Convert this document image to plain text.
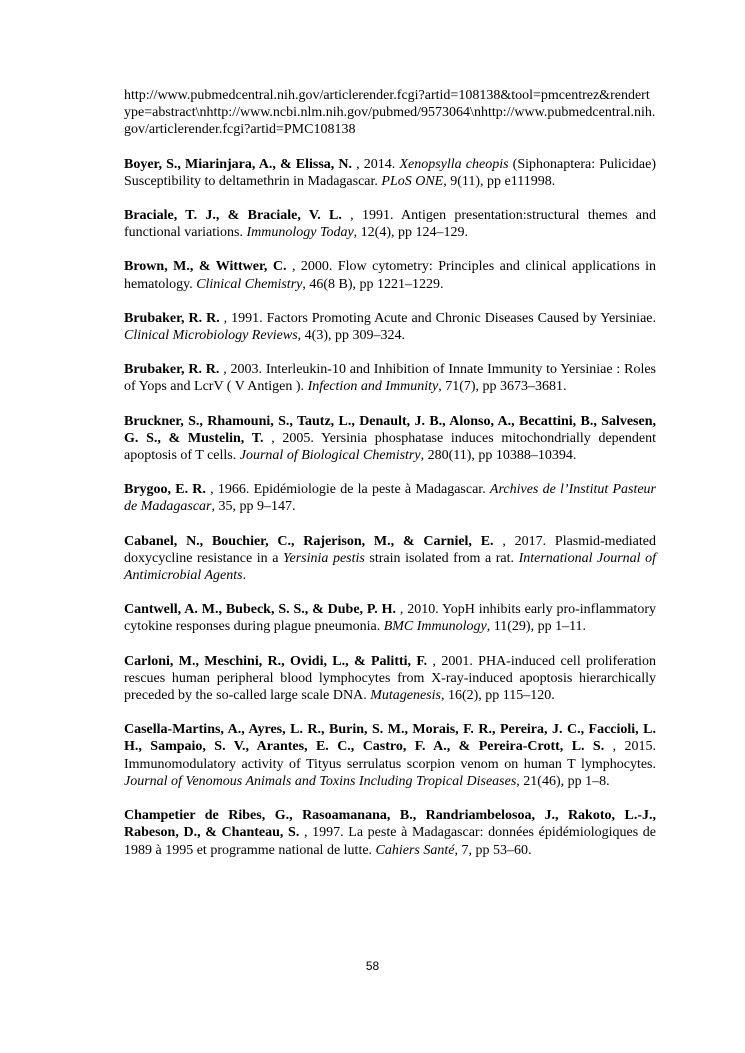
http://www.pubmedcentral.nih.gov/articlerender.fcgi?artid=108138&tool=pmcentrez&rendertype=abstract\nhttp://www.ncbi.nlm.nih.gov/pubmed/9573064\nhttp://www.pubmedcentral.nih.gov/articlerender.fcgi?artid=PMC108138
Boyer, S., Miarinjara, A., & Elissa, N. , 2014. Xenopsylla cheopis (Siphonaptera: Pulicidae) Susceptibility to deltamethrin in Madagascar. PLoS ONE, 9(11), pp e111998.
Braciale, T. J., & Braciale, V. L. , 1991. Antigen presentation:structural themes and functional variations. Immunology Today, 12(4), pp 124–129.
Brown, M., & Wittwer, C. , 2000. Flow cytometry: Principles and clinical applications in hematology. Clinical Chemistry, 46(8 B), pp 1221–1229.
Brubaker, R. R. , 1991. Factors Promoting Acute and Chronic Diseases Caused by Yersiniae. Clinical Microbiology Reviews, 4(3), pp 309–324.
Brubaker, R. R. , 2003. Interleukin-10 and Inhibition of Innate Immunity to Yersiniae : Roles of Yops and LcrV ( V Antigen ). Infection and Immunity, 71(7), pp 3673–3681.
Bruckner, S., Rhamouni, S., Tautz, L., Denault, J. B., Alonso, A., Becattini, B., Salvesen, G. S., & Mustelin, T. , 2005. Yersinia phosphatase induces mitochondrially dependent apoptosis of T cells. Journal of Biological Chemistry, 280(11), pp 10388–10394.
Brygoo, E. R. , 1966. Epidémiologie de la peste à Madagascar. Archives de l’Institut Pasteur de Madagascar, 35, pp 9–147.
Cabanel, N., Bouchier, C., Rajerison, M., & Carniel, E. , 2017. Plasmid-mediated doxycycline resistance in a Yersinia pestis strain isolated from a rat. International Journal of Antimicrobial Agents.
Cantwell, A. M., Bubeck, S. S., & Dube, P. H. , 2010. YopH inhibits early pro-inflammatory cytokine responses during plague pneumonia. BMC Immunology, 11(29), pp 1–11.
Carloni, M., Meschini, R., Ovidi, L., & Palitti, F. , 2001. PHA-induced cell proliferation rescues human peripheral blood lymphocytes from X-ray-induced apoptosis hierarchically preceded by the so-called large scale DNA. Mutagenesis, 16(2), pp 115–120.
Casella-Martins, A., Ayres, L. R., Burin, S. M., Morais, F. R., Pereira, J. C., Faccioli, L. H., Sampaio, S. V., Arantes, E. C., Castro, F. A., & Pereira-Crott, L. S. , 2015. Immunomodulatory activity of Tityus serrulatus scorpion venom on human T lymphocytes. Journal of Venomous Animals and Toxins Including Tropical Diseases, 21(46), pp 1–8.
Champetier de Ribes, G., Rasoamanana, B., Randriambelosoa, J., Rakoto, L.-J., Rabeson, D., & Chanteau, S. , 1997. La peste à Madagascar: données épidémiologiques de 1989 à 1995 et programme national de lutte. Cahiers Santé, 7, pp 53–60.
58
